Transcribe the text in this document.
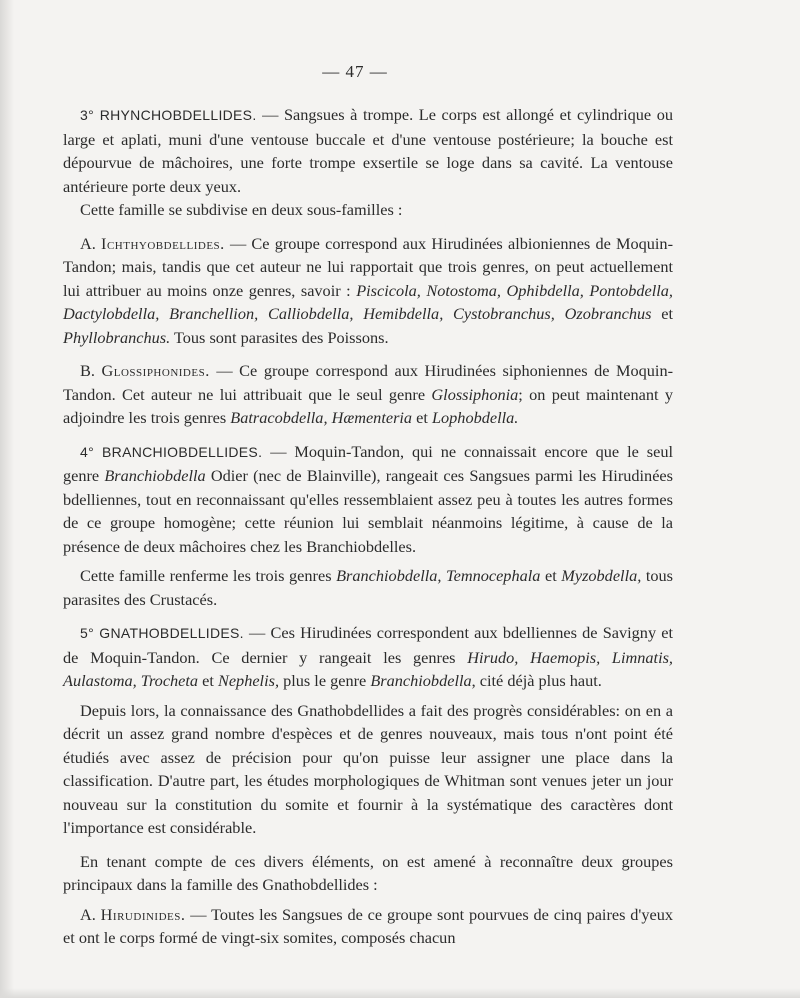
— 47 —

3° RHYNCHOBDELLIDES. — Sangsues à trompe. Le corps est allongé et cylindrique ou large et aplati, muni d'une ventouse buccale et d'une ventouse postérieure; la bouche est dépourvue de mâchoires, une forte trompe exsertile se loge dans sa cavité. La ventouse antérieure porte deux yeux.

Cette famille se subdivise en deux sous-familles :

A. Ichthyobdellides. — Ce groupe correspond aux Hirudinées albioniennes de Moquin-Tandon; mais, tandis que cet auteur ne lui rapportait que trois genres, on peut actuellement lui attribuer au moins onze genres, savoir : Piscicola, Notostoma, Ophibdella, Pontobdella, Dactylobdella, Branchellion, Calliobdella, Hemibdella, Cystobranchus, Ozobranchus et Phyllobranchus. Tous sont parasites des Poissons.

B. Glossiphonides. — Ce groupe correspond aux Hirudinées siphoniennes de Moquin-Tandon. Cet auteur ne lui attribuait que le seul genre Glossiphonia; on peut maintenant y adjoindre les trois genres Batracobdella, Hæmenteria et Lophobdella.

4° BRANCHIOBDELLIDES. — Moquin-Tandon, qui ne connaissait encore que le seul genre Branchiobdella Odier (nec de Blainville), rangeait ces Sangsues parmi les Hirudinées bdelliennes, tout en reconnaissant qu'elles ressemblaient assez peu à toutes les autres formes de ce groupe homogène; cette réunion lui semblait néanmoins légitime, à cause de la présence de deux mâchoires chez les Branchiobdelles.

Cette famille renferme les trois genres Branchiobdella, Temnocephala et Myzobdella, tous parasites des Crustacés.

5° GNATHOBDELLIDES. — Ces Hirudinées correspondent aux bdelliennes de Savigny et de Moquin-Tandon. Ce dernier y rangeait les genres Hirudo, Haemopis, Limnatis, Aulastoma, Trocheta et Nephelis, plus le genre Branchiobdella, cité déjà plus haut.

Depuis lors, la connaissance des Gnathobdellides a fait des progrès considérables: on en a décrit un assez grand nombre d'espèces et de genres nouveaux, mais tous n'ont point été étudiés avec assez de précision pour qu'on puisse leur assigner une place dans la classification. D'autre part, les études morphologiques de Whitman sont venues jeter un jour nouveau sur la constitution du somite et fournir à la systématique des caractères dont l'importance est considérable.

En tenant compte de ces divers éléments, on est amené à reconnaître deux groupes principaux dans la famille des Gnathobdellides :

A. Hirudinides. — Toutes les Sangsues de ce groupe sont pourvues de cinq paires d'yeux et ont le corps formé de vingt-six somites, composés chacun
